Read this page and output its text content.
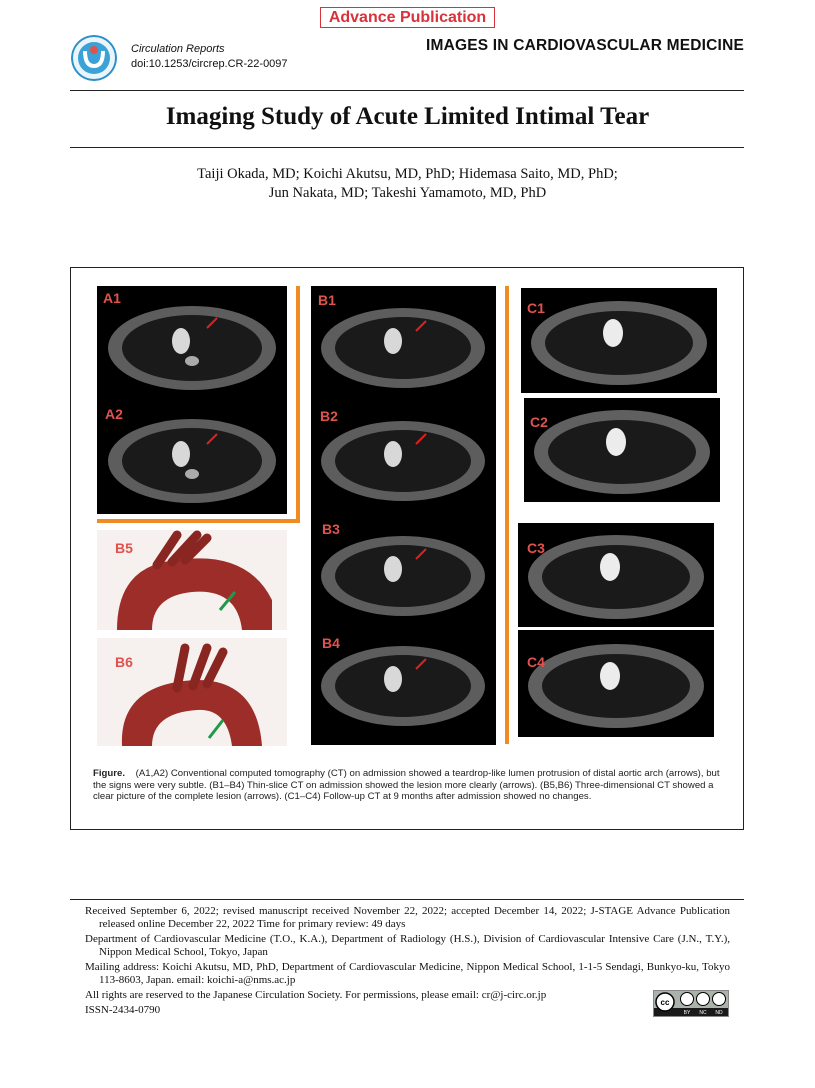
Advance Publication
Circulation Reports
doi:10.1253/circrep.CR-22-0097
IMAGES IN CARDIOVASCULAR MEDICINE
Imaging Study of Acute Limited Intimal Tear
Taiji Okada, MD; Koichi Akutsu, MD, PhD; Hidemasa Saito, MD, PhD;
Jun Nakata, MD; Takeshi Yamamoto, MD, PhD
A1
A2
B1
B2
B3
B4
B5
B6
C1
C2
C3
C4
Figure. (A1,A2) Conventional computed tomography (CT) on admission showed a teardrop-like lumen protrusion of distal aortic arch (arrows), but the signs were very subtle. (B1–B4) Thin-slice CT on admission showed the lesion more clearly (arrows). (B5,B6) Three-dimensional CT showed a clear picture of the complete lesion (arrows). (C1–C4) Follow-up CT at 9 months after admission showed no changes.

Received September 6, 2022; revised manuscript received November 22, 2022; accepted December 14, 2022; J-STAGE Advance Publication released online December 22, 2022 Time for primary review: 49 days

Department of Cardiovascular Medicine (T.O., K.A.), Department of Radiology (H.S.), Division of Cardiovascular Intensive Care (J.N., T.Y.), Nippon Medical School, Tokyo, Japan

Mailing address: Koichi Akutsu, MD, PhD, Department of Cardiovascular Medicine, Nippon Medical School, 1-1-5 Sendagi, Bunkyo-ku, Tokyo 113-8603, Japan. email: koichi-a@nms.ac.jp

All rights are reserved to the Japanese Circulation Society. For permissions, please email: cr@j-circ.or.jp

ISSN-2434-0790

cc
BY NC ND
